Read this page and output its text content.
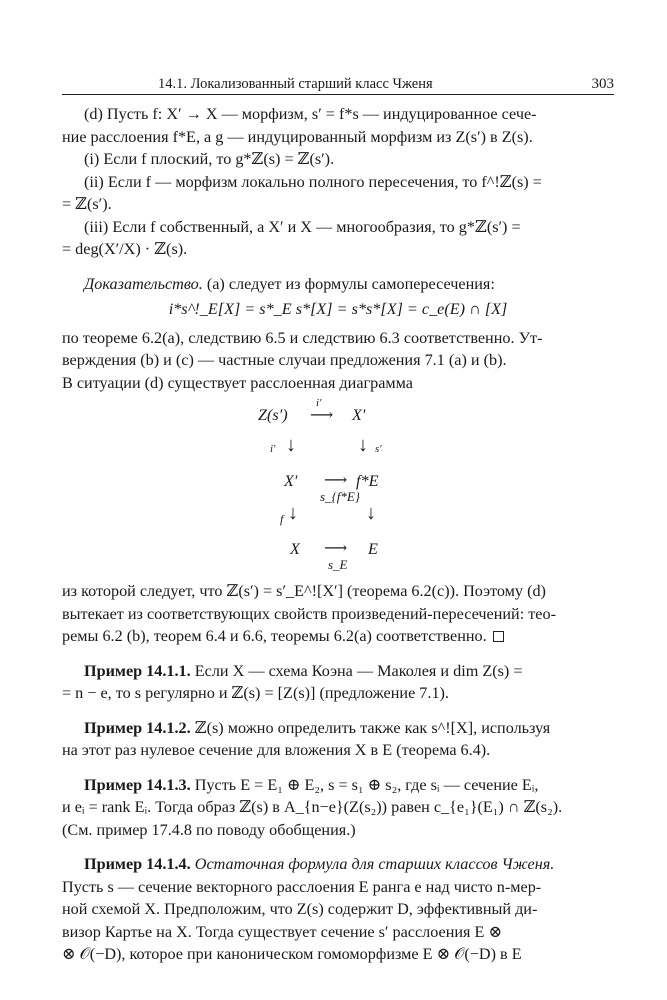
14.1. Локализованный старший класс Чженя	303

(d) Пусть f: X′ → X — морфизм, s′ = f*s — индуцированное сече-

ние расслоения f*E, а g — индуцированный морфизм из Z(s′) в Z(s).

(i) Если f плоский, то g*ℤ(s) = ℤ(s′).

(ii) Если f — морфизм локально полного пересечения, то f^!ℤ(s) =

= ℤ(s′).

(iii) Если f собственный, а X′ и X — многообразия, то g*ℤ(s′) =

= deg(X′/X) · ℤ(s).

Доказательство. (а) следует из формулы самопересечения:

i*s^!_E[X] = s*_E s*[X] = s*s*[X] = c_e(E) ∩ [X]

по теореме 6.2(а), следствию 6.5 и следствию 6.3 соответственно. Ут-

верждения (b) и (с) — частные случаи предложения 7.1 (а) и (b).

В ситуации (d) существует расслоенная диаграмма

Z(s′)
i′
⟶ X′
i′ ↓	↓ s′
X′ ⟶
s_{f*E}
f*E
f ↓	↓
X ⟶
s_E
E

из которой следует, что ℤ(s′) = s′_E^![X′] (теорема 6.2(с)). Поэтому (d)

вытекает из соответствующих свойств произведений-пересечений: тео-

ремы 6.2 (b), теорем 6.4 и 6.6, теоремы 6.2(а) соответственно.

Пример 14.1.1. Если X — схема Коэна — Маколея и dim Z(s) =

= n − e, то s регулярно и ℤ(s) = [Z(s)] (предложение 7.1).

Пример 14.1.2. ℤ(s) можно определить также как s^![X], используя

на этот раз нулевое сечение для вложения X в E (теорема 6.4).

Пример 14.1.3. Пусть E = E₁ ⊕ E₂, s = s₁ ⊕ s₂, где sᵢ — сечение Eᵢ,

и eᵢ = rank Eᵢ. Тогда образ ℤ(s) в A_{n−e}(Z(s₂)) равен c_{e₁}(E₁) ∩ ℤ(s₂).

(См. пример 17.4.8 по поводу обобщения.)

Пример 14.1.4. Остаточная формула для старших классов Чженя.

Пусть s — сечение векторного расслоения E ранга e над чисто n-мер-

ной схемой X. Предположим, что Z(s) содержит D, эффективный ди-

визор Картье на X. Тогда существует сечение s′ расслоения E ⊗

⊗ 𝒪(−D), которое при каноническом гомоморфизме E ⊗ 𝒪(−D) в E
